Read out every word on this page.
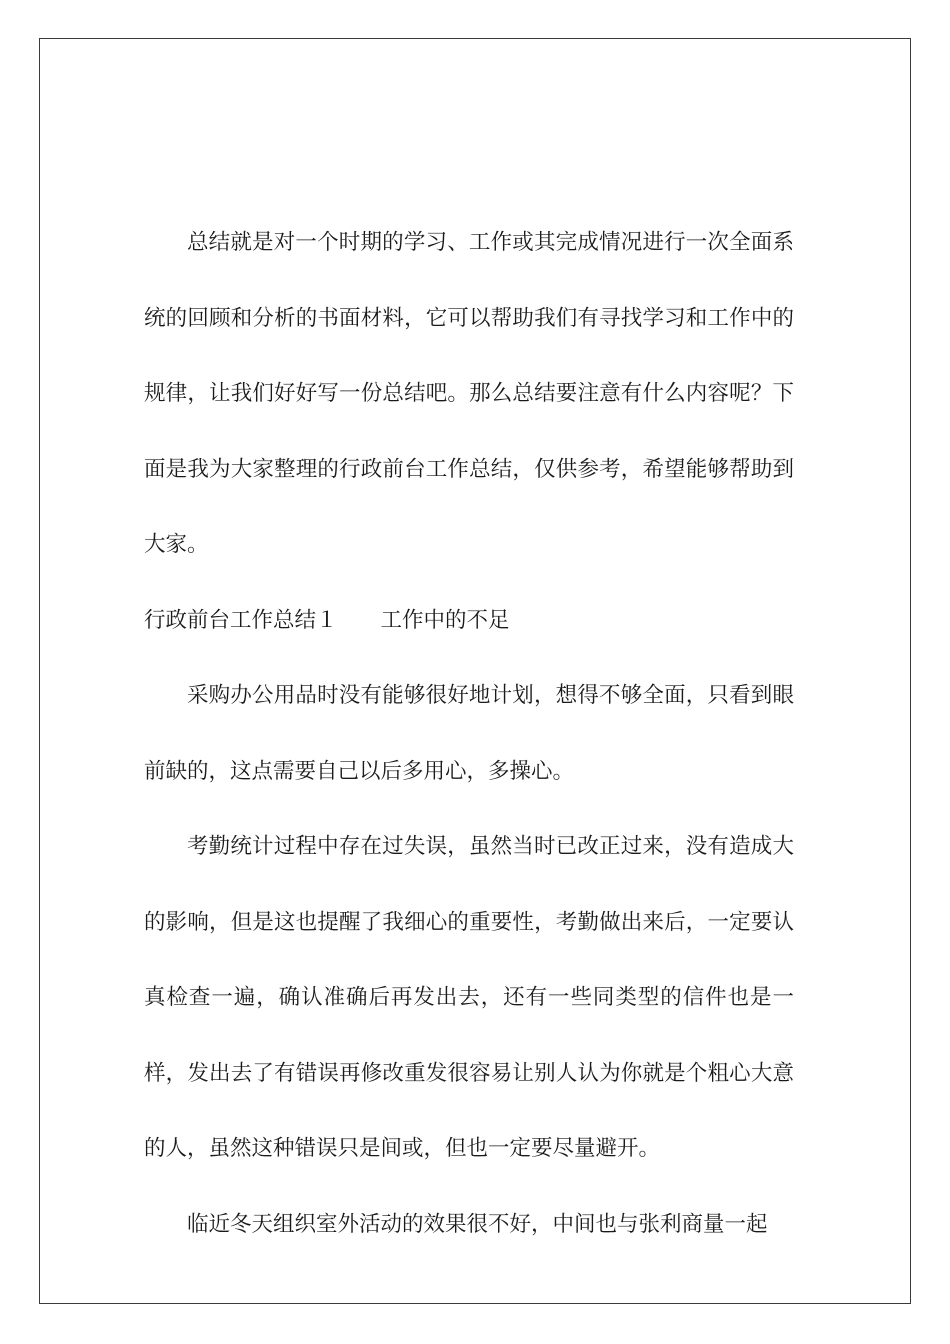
总结就是对一个时期的学习、工作或其完成情况进行一次全面系统的回顾和分析的书面材料，它可以帮助我们有寻找学习和工作中的规律，让我们好好写一份总结吧。那么总结要注意有什么内容呢？下面是我为大家整理的行政前台工作总结，仅供参考，希望能够帮助到大家。

行政前台工作总结１　　 工作中的不足

采购办公用品时没有能够很好地计划，想得不够全面，只看到眼前缺的，这点需要自己以后多用心，多操心。

考勤统计过程中存在过失误，虽然当时已改正过来，没有造成大的影响，但是这也提醒了我细心的重要性，考勤做出来后，一定要认真检查一遍，确认准确后再发出去，还有一些同类型的信件也是一样，发出去了有错误再修改重发很容易让别人认为你就是个粗心大意的人，虽然这种错误只是间或，但也一定要尽量避开。

临近冬天组织室外活动的效果很不好，中间也与张利商量一起
